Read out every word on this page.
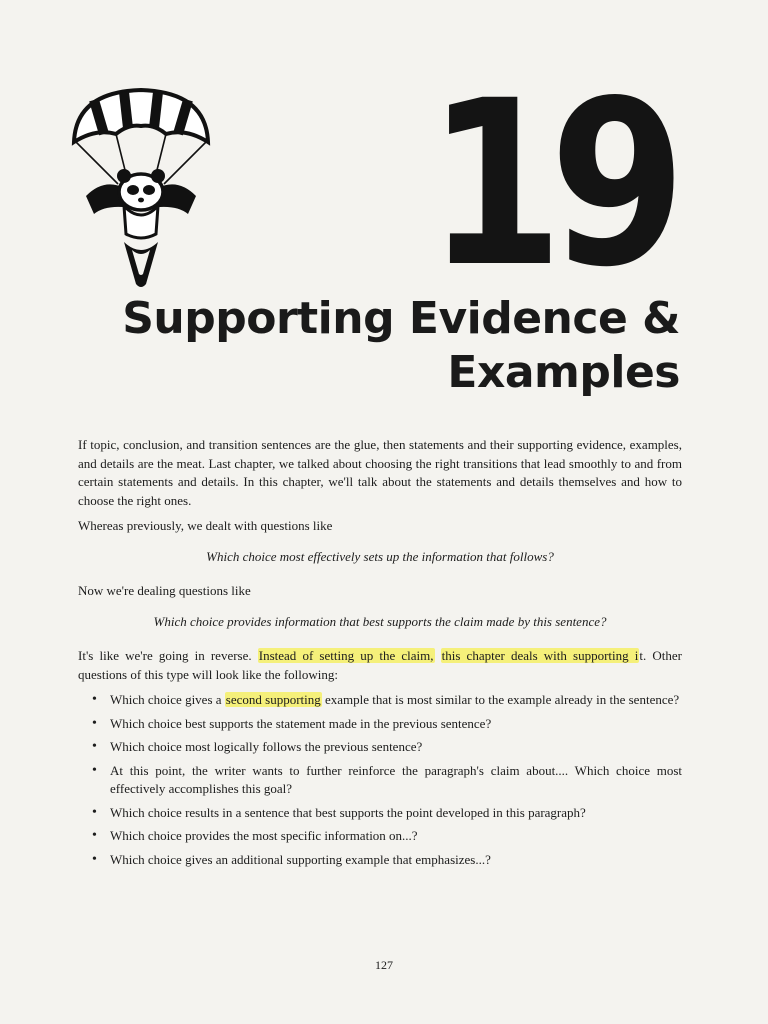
19
Supporting Evidence &
Examples

If topic, conclusion, and transition sentences are the glue, then statements and their supporting evidence, examples, and details are the meat. Last chapter, we talked about choosing the right transitions that lead smoothly to and from certain statements and details. In this chapter, we'll talk about the statements and details themselves and how to choose the right ones.

Whereas previously, we dealt with questions like

Which choice most effectively sets up the information that follows?

Now we're dealing questions like

Which choice provides information that best supports the claim made by this sentence?

It's like we're going in reverse. Instead of setting up the claim, this chapter deals with supporting it. Other questions of this type will look like the following:

• Which choice gives a second supporting example that is most similar to the example already in the sentence?
• Which choice best supports the statement made in the previous sentence?
• Which choice most logically follows the previous sentence?
• At this point, the writer wants to further reinforce the paragraph's claim about.... Which choice most effectively accomplishes this goal?
• Which choice results in a sentence that best supports the point developed in this paragraph?
• Which choice provides the most specific information on...?
• Which choice gives an additional supporting example that emphasizes...?
127
